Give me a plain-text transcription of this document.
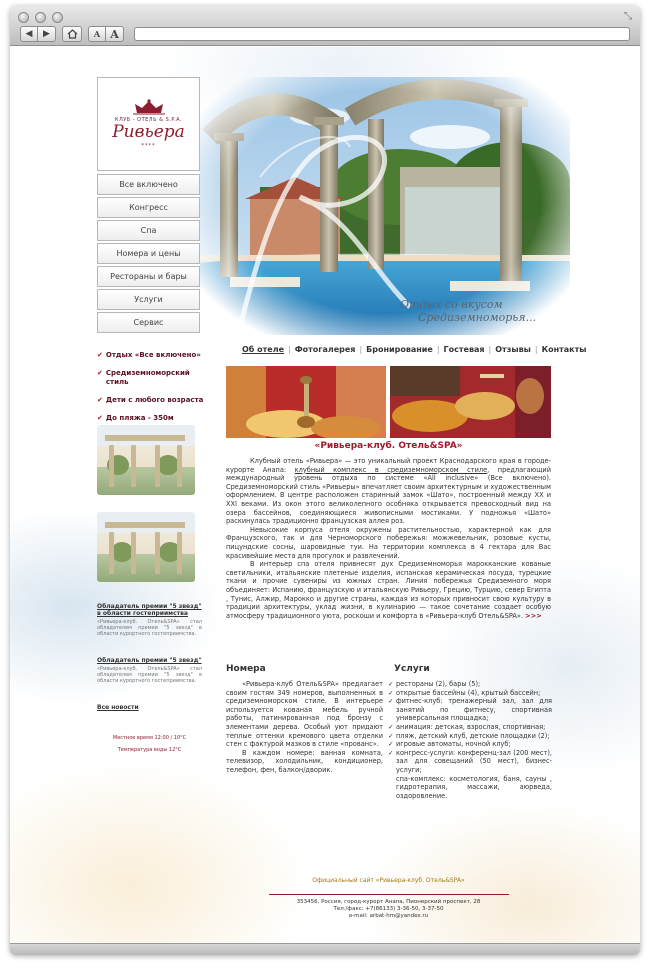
⤡
◀ ▶	A A
КЛУБ - ОТЕЛЬ & S.P.A.
Ривьера
****
Все включено
Конгресс
Спа
Номера и цены
Рестораны и бары
Услуги
Сервис
✔ Отдых «Все включено»
✔ Средиземноморский стиль
✔ Дети с любого возраста
✔ До пляжа - 350м
Обладатель премии "5 звезд" в области гостеприимства
«Ривьера-клуб. Отель&SPA» стал обладателем премии "5 звезд" в области курортного гостеприимства.
Обладатель премии "5 звезд"
«Ривьера-клуб. Отель&SPA» стал обладателем премии "5 звезд" в области курортного гостеприимства.
Все новости
Местное время 12:00 / 10°C
Температура воды 12°C
Отдых со вкусом
Средиземноморья...
Об отеле | Фотогалерея | Бронирование | Гостевая | Отзывы | Контакты
«Ривьера-клуб. Отель&SPA»

Клубный отель «Ривьера» — это уникальный проект Краснодарского края в городе-курорте Анапа: клубный комплекс в средиземноморском стиле, предлагающий международный уровень отдыха по системе «All inclusive» (Все включено). Средиземноморский стиль «Ривьеры» впечатляет своим архитектурным и художественным оформлением. В центре расположен старинный замок «Шато», построенный между XX и XXI веками. Из окон этого великолепного особняка открывается превосходный вид на озера бассейнов, соединяющиеся живописными мостиками. У подножья «Шато» раскинулась традиционно французская аллея роз.

Невысокие корпуса отеля окружены растительностью, характерной как для Французского, так и для Черноморского побережья: можжевельник, розовые кусты, пицундские сосны, шаровидные туи. На территории комплекса в 4 гектара для Вас красивейшие места для прогулок и развлечений.

В интерьер спа отеля привнесят дух Средиземноморья марокканские кованые светильники, итальянские плетеные изделия, испанская керамическая посуда, турецкие ткани и прочие сувениры из южных стран. Линия побережья Средиземного моря объединяет: Испанию, французскую и итальянскую Ривьеру, Грецию, Турцию, север Египта , Тунис, Алжир, Марокко и другие страны, каждая из которых привносит свою культуру в традиции архитектуры, уклад жизни, в кулинарию — такое сочетание создает особую атмосферу традиционного уюта, роскоши и комфорта в «Ривьера-клуб Отель&SPA». >>>

Номера

«Ривьера-клуб Отель&SPA» предлагает своим гостям 349 номеров, выполненных в средиземноморском стиле. В интерьере используется кованая мебель ручной работы, патинированная под бронзу с элементами дерева. Особый уют придают теплые оттенки кремового цвета отделки стен с фактурой мазков в стиле «прованс».

В каждом номере: ванная комната, телевизор, холодильник, кондиционер, телефон, фен, балкон/дворик.

Услуги
✓ рестораны (2), бары (5);
✓ открытые бассейны (4), крытый бассейн;
✓ фитнес-клуб: тренажерный зал, зал для занятий по фитнесу, спортивная универсальная площадка;
✓ анимация: детская, взрослая, спортивная;
✓ пляж, детский клуб, детские площадки (2);
✓ игровые автоматы, ночной клуб;
✓ конгресс-услуги: конференц-зал (200 мест), зал для совещаний (50 мест), бизнес-услуги;
спа-комплекс: косметология, баня, сауны , гидротерапия, массажи, аюрведа, оздоровление.
Официальный сайт «Ривьера-клуб. Отель&SPA»
353456, Россия, город-курорт Анапа, Пионерский проспект, 28
Тел./факс: +7(86133) 3-36-50, 3-37-50
e-mail: arbat-hm@yandex.ru
